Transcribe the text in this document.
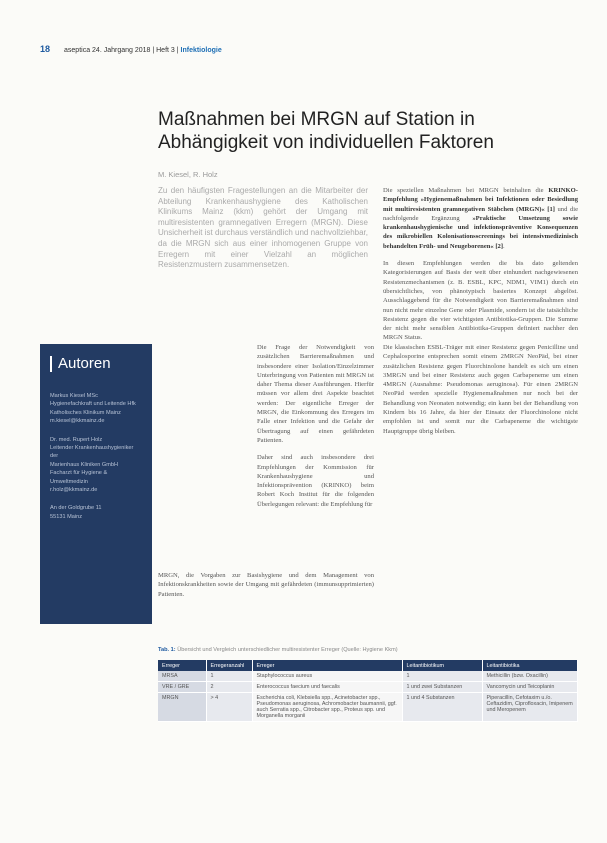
18 aseptica 24. Jahrgang 2018 | Heft 3 |
Infektiologie
Maßnahmen bei MRGN auf Station in Abhängigkeit von individuellen Faktoren
M. Kiesel, R. Holz

Zu den häufigsten Fragestellungen an die Mitarbeiter der Abteilung Krankenhaushygiene des Katholischen Klinikums Mainz (kkm) gehört der Umgang mit multiresistenten gramnegativen Erregern (MRGN). Diese Unsicherheit ist durchaus verständlich und nachvollziehbar, da die MRGN sich aus einer inhomogenen Gruppe von Erregern mit einer Vielzahl an möglichen Resistenzmustern zusammensetzen.

Die speziellen Maßnahmen bei MRGN beinhalten die KRINKO-Empfehlung »Hygienemaßnahmen bei Infektionen oder Besiedlung mit multiresistenten gramnegativen Stäbchen (MRGN)« [1] und die nachfolgende Ergänzung »Praktische Umsetzung sowie krankenhaushygienische und infektionspräventive Konsequenzen des mikrobiellen Kolonisationsscreenings bei intensivmedizinisch behandelten Früh- und Neugeborenen« [2].

In diesen Empfehlungen werden die bis dato geltenden Kategorisierungen auf Basis der weit über einhundert nachgewiesenen Resistenzmechanismen (z. B. ESBL, KPC, NDM1, VIM1) durch ein übersichtliches, von phänotypisch basiertes Konzept abgelöst. Ausschlaggebend für die Notwendigkeit von Barrieremaßnahmen sind nun nicht mehr einzelne Gene oder Plasmide, sondern ist die tatsächliche Resistenz gegen die vier wichtigsten Antibiotika-Gruppen. Die Summe der nicht mehr sensiblen Antibiotika-Gruppen definiert nachher den MRGN Status.

Autoren
Markus Kiesel MSc
Hygienefachkraft und Leitende Hfk
Katholisches Klinikum Mainz
m.kiesel@kkmainz.de
Dr. med. Rupert Holz
Leitender Krankenhaushygieniker der
Marienhaus Kliniken GmbH
Facharzt für Hygiene & Umweltmedizin
r.holz@kkmainz.de
An der Goldgrube 11
55131 Mainz

Die Frage der Notwendigkeit von zusätzlichen Barrieremaßnahmen und insbesondere einer Isolation/Einzelzimmer Unterbringung von Patienten mit MRGN ist daher Thema dieser Ausführungen. Hierfür müssen vor allem drei Aspekte beachtet werden: Der eigentliche Erreger der MRGN, die Einkommung des Erregers im Falle einer Infektion und die Gefahr der Übertragung auf einen gefährdeten Patienten.

Daher sind auch insbesondere drei Empfehlungen der Kommission für Krankenhaushygiene und Infektionsprävention (KRINKO) beim Robert Koch Institut für die folgenden Überlegungen relevant: die Empfehlung für

MRGN, die Vorgaben zur Basishygiene und dem Management von Infektionskrankheiten sowie der Umgang mit gefährdeten (immunsupprimierten) Patienten.

Die klassischen ESBL-Träger mit einer Resistenz gegen Penicilline und Cephalosporine entsprechen somit einem 2MRGN NeoPäd, bei einer zusätzlichen Resistenz gegen Fluorchinolone handelt es sich um einen 3MRGN und bei einer Resistenz auch gegen Carbapeneme um einen 4MRGN (Ausnahme: Pseudomonas aeruginosa). Für einen 2MRGN NeoPäd werden spezielle Hygienemaßnahmen nur noch bei der Behandlung von Neonaten notwendig; ein kann bei der Behandlung von Kindern bis 16 Jahre, da hier der Einsatz der Fluorchinolone nicht empfohlen ist und somit nur die Carbapeneme die wichtigste Hauptgruppe übrig bleiben.

Tab. 1: Übersicht und Vergleich unterschiedlicher multiresistenter Erreger (Quelle: Hygiene Kkm)
Erreger	Erregeranzahl	Erreger	Leitantibiotikum	Leitantibiotika
MRSA	1	Staphylococcus aureus	1	Methicillin (bzw. Oxacillin)
VRE / GRE	2	Enterococcus faecium und faecalis	1 und zwei Substanzen	Vancomycin und Teicoplanin
MRGN	> 4	Escherichia coli, Klebsiella spp., Acinetobacter spp., Pseudomonas aeruginosa, Achromobacter baumannii, ggf. auch Serratia spp., Citrobacter spp., Proteus spp. und Morganella morganii	1 und 4 Substanzen	Piperacillin, Cefotaxim u./o. Ceftazidim, Ciprofloxacin, Imipenem und Meropenem
